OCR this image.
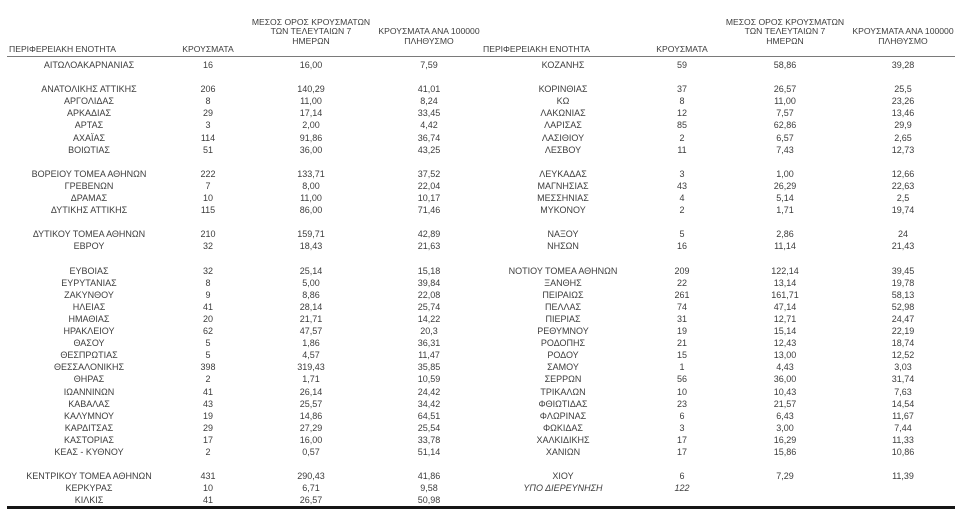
ΠΕΡΙΦΕΡΕΙΑΚΗ ΕΝΟΤΗΤΑ	ΚΡΟΥΣΜΑΤΑ
ΜΕΣΟΣ ΟΡΟΣ ΚΡΟΥΣΜΑΤΩΝ
ΤΩΝ ΤΕΛΕΥΤΑΙΩΝ 7
ΗΜΕΡΩΝ
ΚΡΟΥΣΜΑΤΑ ΑΝΑ 100000
ΠΛΗΘΥΣΜΟ
ΑΙΤΩΛΟΑΚΑΡΝΑΝΙΑΣ	16	16,00	7,59
ΑΝΑΤΟΛΙΚΗΣ ΑΤΤΙΚΗΣ	206	140,29	41,01
ΑΡΓΟΛΙΔΑΣ	8	11,00	8,24
ΑΡΚΑΔΙΑΣ	29	17,14	33,45
ΑΡΤΑΣ	3	2,00	4,42
ΑΧΑΪΑΣ	114	91,86	36,74
ΒΟΙΩΤΙΑΣ	51	36,00	43,25
ΒΟΡΕΙΟΥ ΤΟΜΕΑ ΑΘΗΝΩΝ	222	133,71	37,52
ΓΡΕΒΕΝΩΝ	7	8,00	22,04
ΔΡΑΜΑΣ	10	11,00	10,17
ΔΥΤΙΚΗΣ ΑΤΤΙΚΗΣ	115	86,00	71,46
ΔΥΤΙΚΟΥ ΤΟΜΕΑ ΑΘΗΝΩΝ	210	159,71	42,89
ΕΒΡΟΥ	32	18,43	21,63
ΕΥΒΟΙΑΣ	32	25,14	15,18
ΕΥΡΥΤΑΝΙΑΣ	8	5,00	39,84
ΖΑΚΥΝΘΟΥ	9	8,86	22,08
ΗΛΕΙΑΣ	41	28,14	25,74
ΗΜΑΘΙΑΣ	20	21,71	14,22
ΗΡΑΚΛΕΙΟΥ	62	47,57	20,3
ΘΑΣΟΥ	5	1,86	36,31
ΘΕΣΠΡΩΤΙΑΣ	5	4,57	11,47
ΘΕΣΣΑΛΟΝΙΚΗΣ	398	319,43	35,85
ΘΗΡΑΣ	2	1,71	10,59
ΙΩΑΝΝΙΝΩΝ	41	26,14	24,42
ΚΑΒΑΛΑΣ	43	25,57	34,42
ΚΑΛΥΜΝΟΥ	19	14,86	64,51
ΚΑΡΔΙΤΣΑΣ	29	27,29	25,54
ΚΑΣΤΟΡΙΑΣ	17	16,00	33,78
ΚΕΑΣ - ΚΥΘΝΟΥ	2	0,57	51,14
ΚΕΝΤΡΙΚΟΥ ΤΟΜΕΑ ΑΘΗΝΩΝ	431	290,43	41,86
ΚΕΡΚΥΡΑΣ	10	6,71	9,58
ΚΙΛΚΙΣ	41	26,57	50,98
ΠΕΡΙΦΕΡΕΙΑΚΗ ΕΝΟΤΗΤΑ	ΚΡΟΥΣΜΑΤΑ
ΜΕΣΟΣ ΟΡΟΣ ΚΡΟΥΣΜΑΤΩΝ
ΤΩΝ ΤΕΛΕΥΤΑΙΩΝ 7
ΗΜΕΡΩΝ
ΚΡΟΥΣΜΑΤΑ ΑΝΑ 100000
ΠΛΗΘΥΣΜΟ
ΚΟΖΑΝΗΣ	59	58,86	39,28
ΚΟΡΙΝΘΙΑΣ	37	26,57	25,5
ΚΩ	8	11,00	23,26
ΛΑΚΩΝΙΑΣ	12	7,57	13,46
ΛΑΡΙΣΑΣ	85	62,86	29,9
ΛΑΣΙΘΙΟΥ	2	6,57	2,65
ΛΕΣΒΟΥ	11	7,43	12,73
ΛΕΥΚΑΔΑΣ	3	1,00	12,66
ΜΑΓΝΗΣΙΑΣ	43	26,29	22,63
ΜΕΣΣΗΝΙΑΣ	4	5,14	2,5
ΜΥΚΟΝΟΥ	2	1,71	19,74
ΝΑΞΟΥ	5	2,86	24
ΝΗΣΩΝ	16	11,14	21,43
ΝΟΤΙΟΥ ΤΟΜΕΑ ΑΘΗΝΩΝ	209	122,14	39,45
ΞΑΝΘΗΣ	22	13,14	19,78
ΠΕΙΡΑΙΩΣ	261	161,71	58,13
ΠΕΛΛΑΣ	74	47,14	52,98
ΠΙΕΡΙΑΣ	31	12,71	24,47
ΡΕΘΥΜΝΟΥ	19	15,14	22,19
ΡΟΔΟΠΗΣ	21	12,43	18,74
ΡΟΔΟΥ	15	13,00	12,52
ΣΑΜΟΥ	1	4,43	3,03
ΣΕΡΡΩΝ	56	36,00	31,74
ΤΡΙΚΑΛΩΝ	10	10,43	7,63
ΦΘΙΩΤΙΔΑΣ	23	21,57	14,54
ΦΛΩΡΙΝΑΣ	6	6,43	11,67
ΦΩΚΙΔΑΣ	3	3,00	7,44
ΧΑΛΚΙΔΙΚΗΣ	17	16,29	11,33
ΧΑΝΙΩΝ	17	15,86	10,86
ΧΙΟΥ	6	7,29	11,39
ΥΠΟ ΔΙΕΡΕΥΝΗΣΗ	122
